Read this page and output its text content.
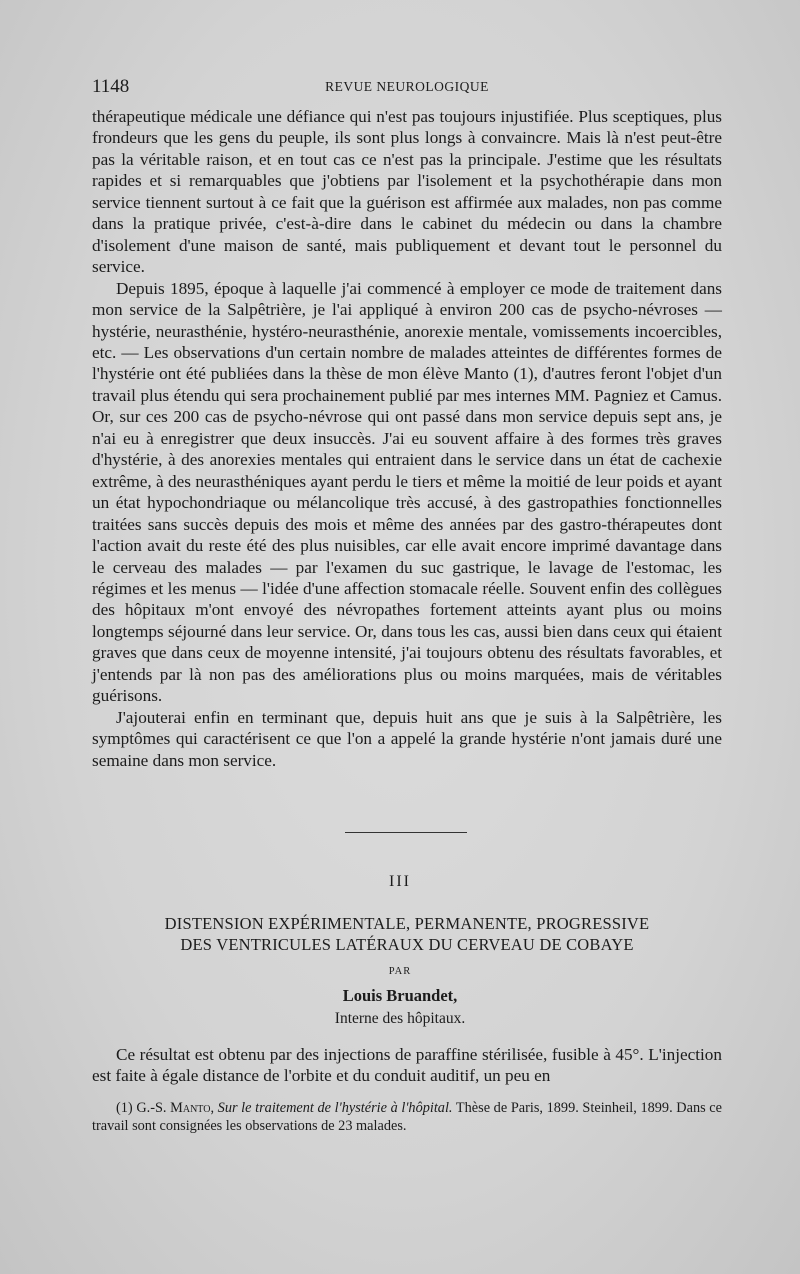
1148	REVUE NEUROLOGIQUE

thérapeutique médicale une défiance qui n'est pas toujours injustifiée. Plus sceptiques, plus frondeurs que les gens du peuple, ils sont plus longs à convaincre. Mais là n'est peut-être pas la véritable raison, et en tout cas ce n'est pas la principale. J'estime que les résultats rapides et si remarquables que j'obtiens par l'isolement et la psychothérapie dans mon service tiennent surtout à ce fait que la guérison est affirmée aux malades, non pas comme dans la pratique privée, c'est-à-dire dans le cabinet du médecin ou dans la chambre d'isolement d'une maison de santé, mais publiquement et devant tout le personnel du service.

Depuis 1895, époque à laquelle j'ai commencé à employer ce mode de traitement dans mon service de la Salpêtrière, je l'ai appliqué à environ 200 cas de psycho-névroses — hystérie, neurasthénie, hystéro-neurasthénie, anorexie mentale, vomissements incoercibles, etc. — Les observations d'un certain nombre de malades atteintes de différentes formes de l'hystérie ont été publiées dans la thèse de mon élève Manto (1), d'autres feront l'objet d'un travail plus étendu qui sera prochainement publié par mes internes MM. Pagniez et Camus. Or, sur ces 200 cas de psycho-névrose qui ont passé dans mon service depuis sept ans, je n'ai eu à enregistrer que deux insuccès. J'ai eu souvent affaire à des formes très graves d'hystérie, à des anorexies mentales qui entraient dans le service dans un état de cachexie extrême, à des neurasthéniques ayant perdu le tiers et même la moitié de leur poids et ayant un état hypochondriaque ou mélancolique très accusé, à des gastropathies fonctionnelles traitées sans succès depuis des mois et même des années par des gastro-thérapeutes dont l'action avait du reste été des plus nuisibles, car elle avait encore imprimé davantage dans le cerveau des malades — par l'examen du suc gastrique, le lavage de l'estomac, les régimes et les menus — l'idée d'une affection stomacale réelle. Souvent enfin des collègues des hôpitaux m'ont envoyé des névropathes fortement atteints ayant plus ou moins longtemps séjourné dans leur service. Or, dans tous les cas, aussi bien dans ceux qui étaient graves que dans ceux de moyenne intensité, j'ai toujours obtenu des résultats favorables, et j'entends par là non pas des améliorations plus ou moins marquées, mais de véritables guérisons.

J'ajouterai enfin en terminant que, depuis huit ans que je suis à la Salpêtrière, les symptômes qui caractérisent ce que l'on a appelé la grande hystérie n'ont jamais duré une semaine dans mon service.

III
DISTENSION EXPÉRIMENTALE, PERMANENTE, PROGRESSIVE
DES VENTRICULES LATÉRAUX DU CERVEAU DE COBAYE
PAR
Louis Bruandet,
Interne des hôpitaux.

Ce résultat est obtenu par des injections de paraffine stérilisée, fusible à 45°. L'injection est faite à égale distance de l'orbite et du conduit auditif, un peu en

(1) G.-S. Manto, Sur le traitement de l'hystérie à l'hôpital. Thèse de Paris, 1899. Steinheil, 1899. Dans ce travail sont consignées les observations de 23 malades.
